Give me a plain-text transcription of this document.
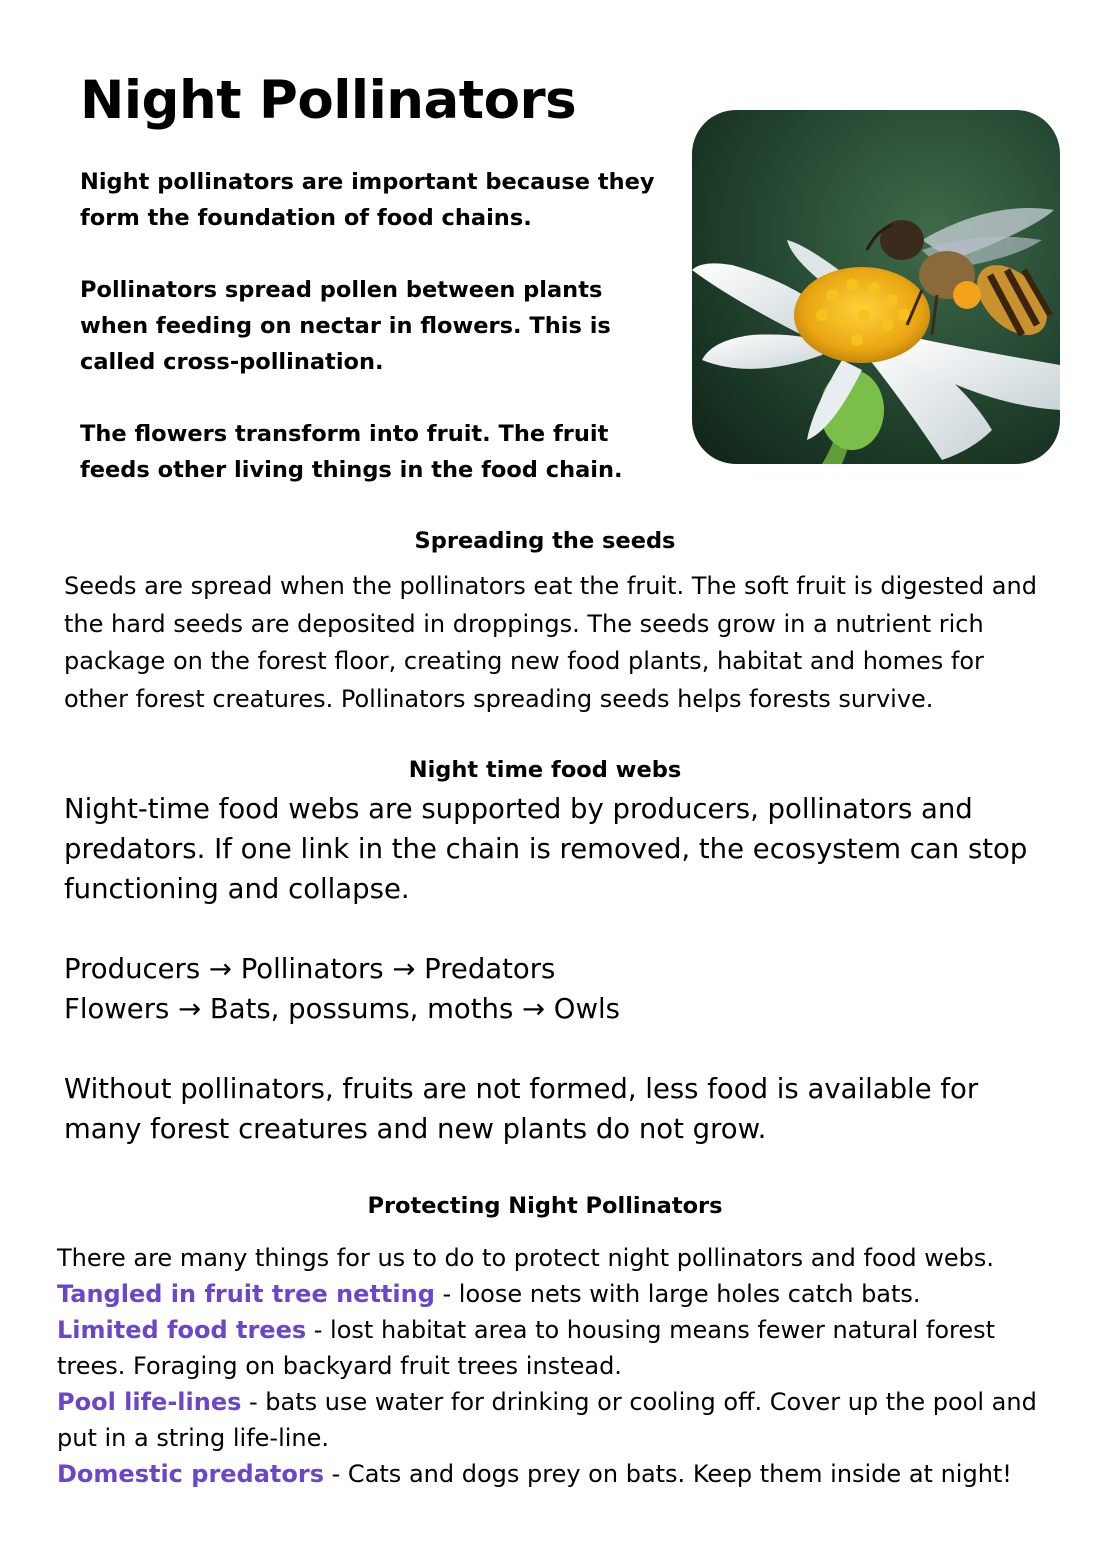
Night Pollinators

Night pollinators are important because they form the foundation of food chains.

Pollinators spread pollen between plants when feeding on nectar in flowers. This is called cross-pollination.

The flowers transform into fruit. The fruit feeds other living things in the food chain.

Spreading the seeds

Seeds are spread when the pollinators eat the fruit. The soft fruit is digested and the hard seeds are deposited in droppings. The seeds grow in a nutrient rich package on the forest floor, creating new food plants, habitat and homes for other forest creatures. Pollinators spreading seeds helps forests survive.

Night time food webs

Night-time food webs are supported by producers, pollinators and predators. If one link in the chain is removed, the ecosystem can stop functioning and collapse.

Producers → Pollinators → Predators

Flowers → Bats, possums, moths → Owls

Without pollinators, fruits are not formed, less food is available for many forest creatures and new plants do not grow.

Protecting Night Pollinators

There are many things for us to do to protect night pollinators and food webs.

Tangled in fruit tree netting - loose nets with large holes catch bats.

Limited food trees - lost habitat area to housing means fewer natural forest trees. Foraging on backyard fruit trees instead.

Pool life-lines - bats use water for drinking or cooling off. Cover up the pool and put in a string life-line.

Domestic predators - Cats and dogs prey on bats. Keep them inside at night!
